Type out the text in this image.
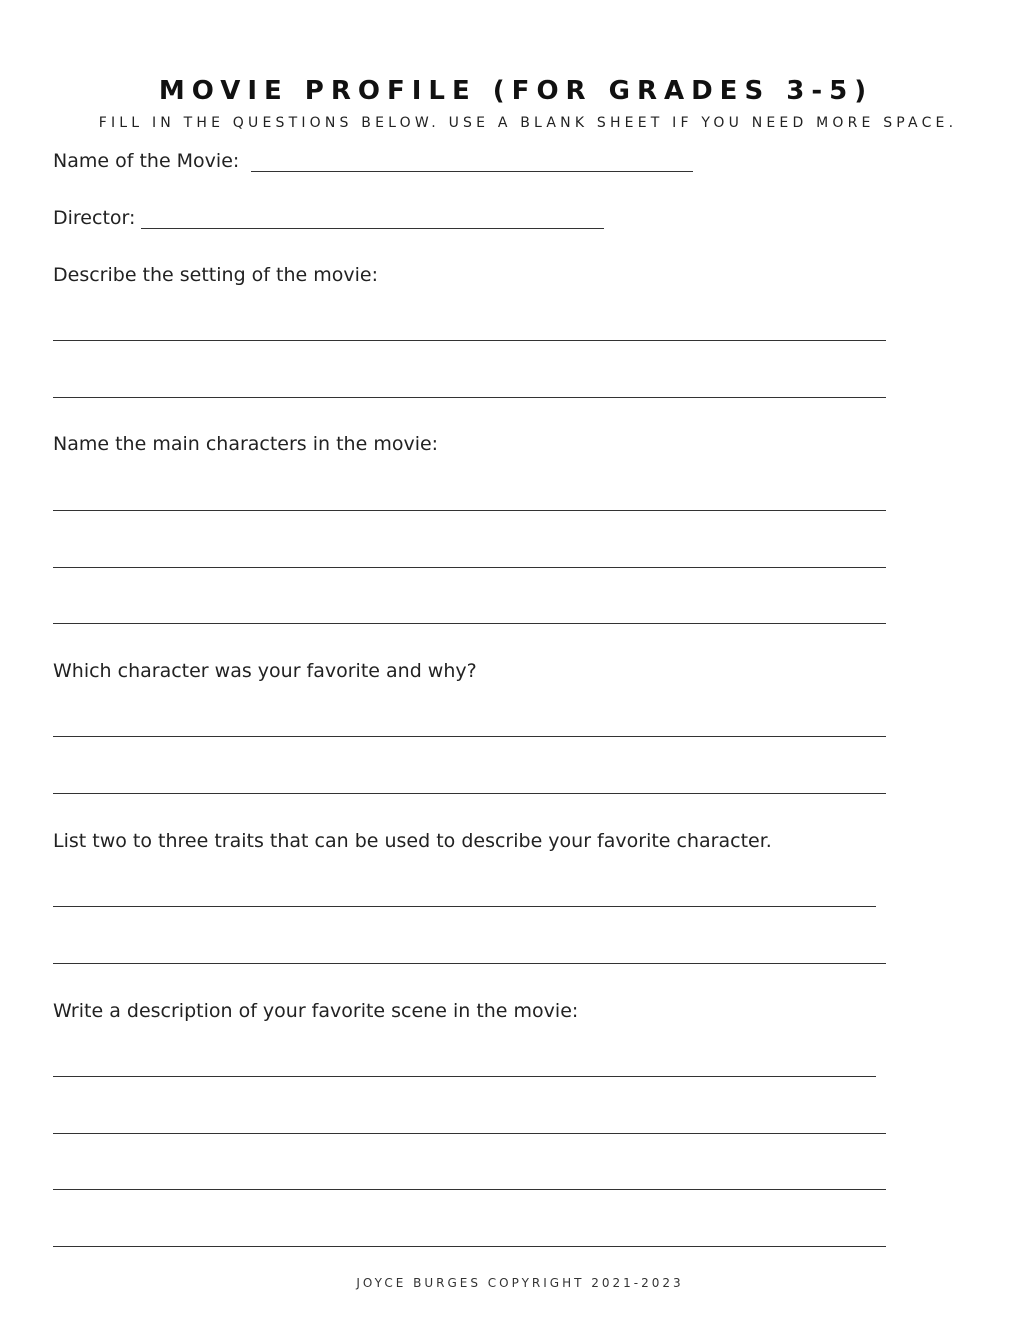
MOVIE PROFILE (FOR GRADES 3-5)
FILL IN THE QUESTIONS BELOW. USE A BLANK SHEET IF YOU NEED MORE SPACE.
Name of the Movie:
Director:
Describe the setting of the movie:
Name the main characters in the movie:
Which character was your favorite and why?
List two to three traits that can be used to describe your favorite character.
Write a description of your favorite scene in the movie:
JOYCE BURGES COPYRIGHT 2021-2023
